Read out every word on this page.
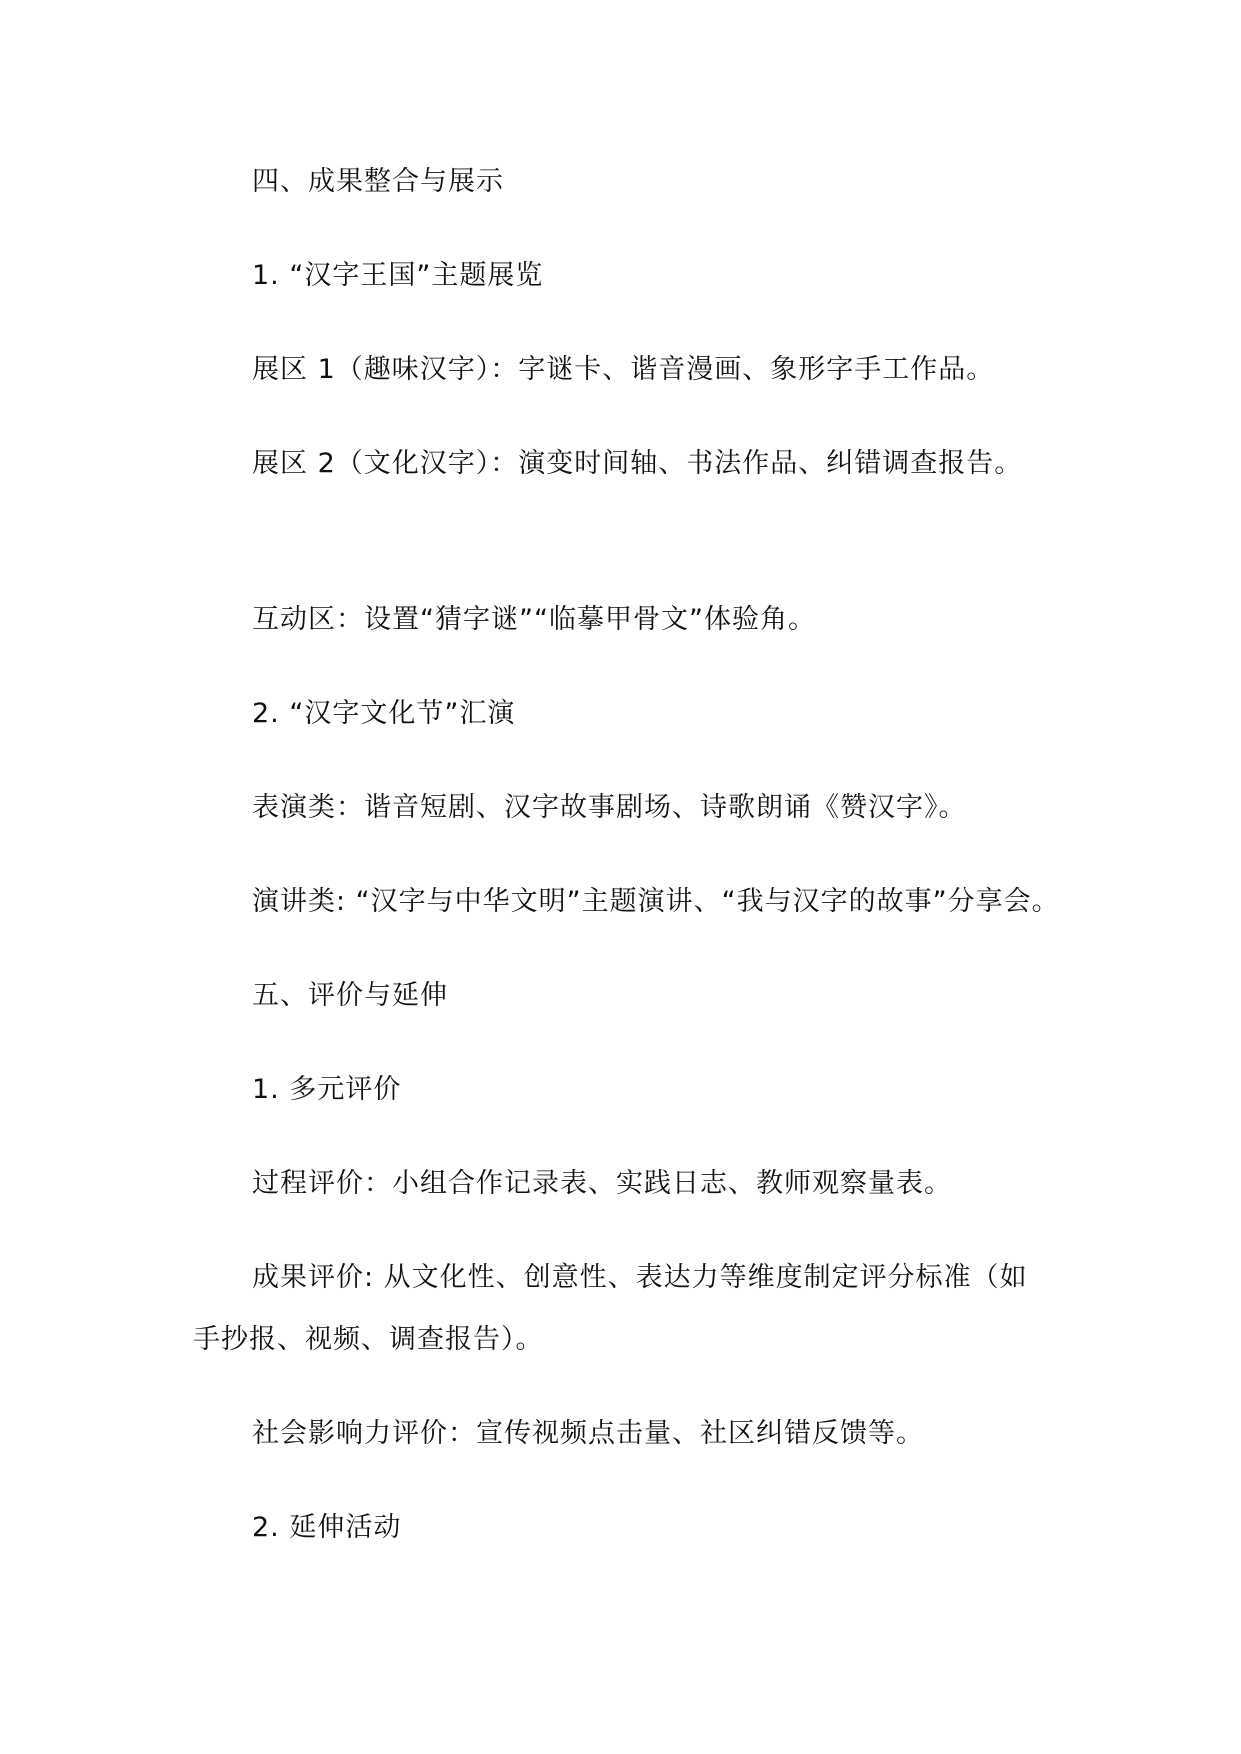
四、成果整合与展示
1. “汉字王国”主题展览
展区 1（趣味汉字）：字谜卡、谐音漫画、象形字手工作品。
展区 2（文化汉字）：演变时间轴、书法作品、纠错调查报告。
互动区：设置“猜字谜”“临摹甲骨文”体验角。
2. “汉字文化节”汇演
表演类：谐音短剧、汉字故事剧场、诗歌朗诵《赞汉字》。
演讲类: “汉字与中华文明”主题演讲、“我与汉字的故事”分享会。
五、评价与延伸
1. 多元评价
过程评价：小组合作记录表、实践日志、教师观察量表。
成果评价: 从文化性、创意性、表达力等维度制定评分标准（如
手抄报、视频、调查报告）。
社会影响力评价：宣传视频点击量、社区纠错反馈等。
2. 延伸活动
